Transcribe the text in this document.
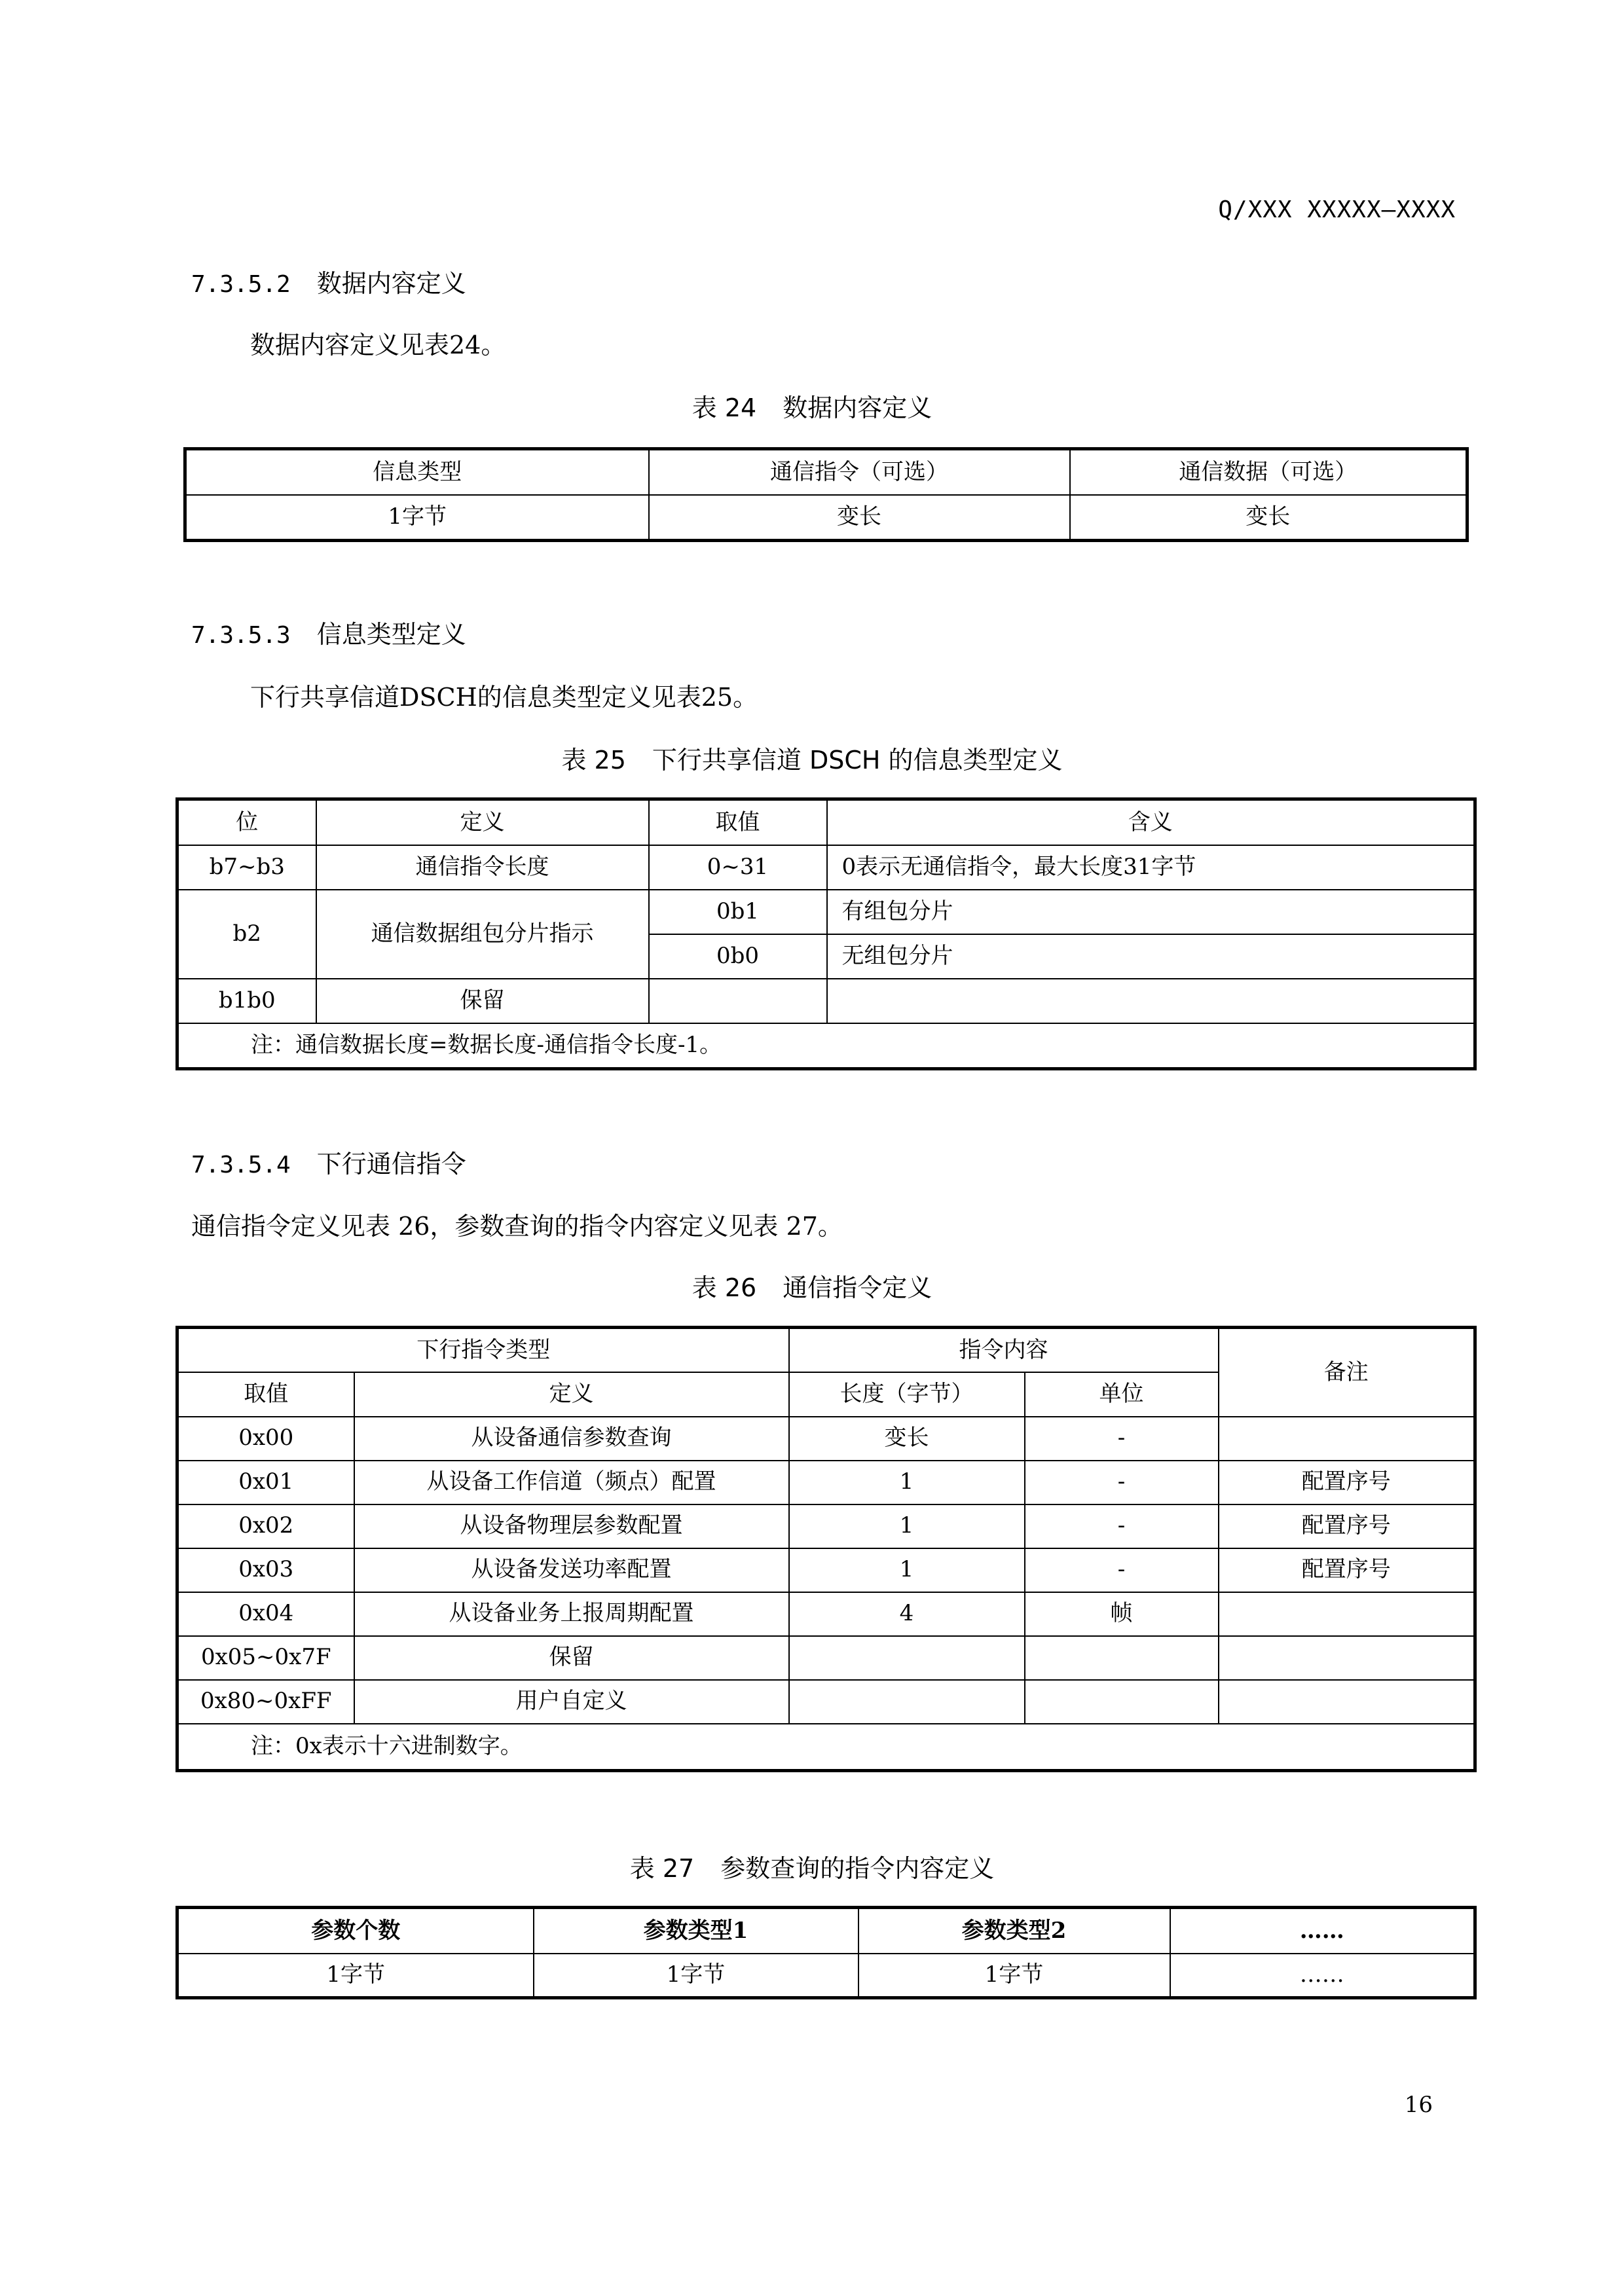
Q/XXX XXXXX—XXXX
7.3.5.2 数据内容定义
数据内容定义见表24。
表 24 数据内容定义
信息类型	通信指令（可选）	通信数据（可选）
1字节	变长	变长
7.3.5.3 信息类型定义
下行共享信道DSCH的信息类型定义见表25。
表 25 下行共享信道 DSCH 的信息类型定义
位	定义	取值	含义
b7~b3	通信指令长度	0~31	0表示无通信指令，最大长度31字节
b2	通信数据组包分片指示	0b1	有组包分片
		0b0	无组包分片
b1b0	保留		
注：通信数据长度=数据长度-通信指令长度-1。			
7.3.5.4 下行通信指令
通信指令定义见表 26，参数查询的指令内容定义见表 27。
表 26 通信指令定义
下行指令类型		指令内容		备注
取值	定义	长度（字节）	单位	
0x00	从设备通信参数查询	变长	-	
0x01	从设备工作信道（频点）配置	1	-	配置序号
0x02	从设备物理层参数配置	1	-	配置序号
0x03	从设备发送功率配置	1	-	配置序号
0x04	从设备业务上报周期配置	4	帧	
0x05~0x7F	保留			
0x80~0xFF	用户自定义			
注：0x表示十六进制数字。				
表 27 参数查询的指令内容定义
参数个数	参数类型1	参数类型2	……
1字节	1字节	1字节	……
16
